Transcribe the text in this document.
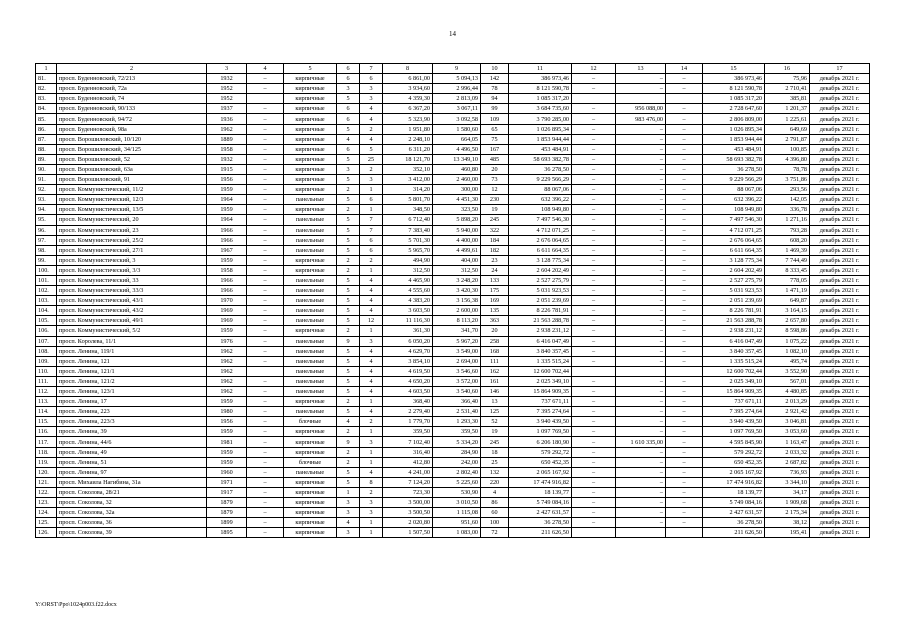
14
1	2	3	4	5	6	7	8	9	10	11	12	13	14	15	16	17
81.	просп. Буденновский, 72/213	1932	–	кирпичные	6	6	6 861,00	5 094,13	142	386 973,46	–	–	–	386 973,46	75,96	декабрь 2021 г.
82.	просп. Буденновский, 72а	1952	–	кирпичные	3	3	3 934,60	2 996,44	78	8 121 590,78	–	–	–	8 121 590,78	2 710,41	декабрь 2021 г.
83.	просп. Буденновский, 74	1952		кирпичные	5	3	4 359,30	2 813,09	94	1 085 317,20				1 085 317,20	385,81	декабрь 2021 г.
84.	просп. Буденновский, 90/133	1937	–	кирпичные	6	4	6 367,20	3 067,11	99	3 684 735,60	–	956 088,00	–	2 728 647,60	1 201,37	декабрь 2021 г.
85.	просп. Буденновский, 94/72	1936	–	кирпичные	6	4	5 323,90	3 092,58	109	3 790 285,00	–	983 476,00	–	2 806 809,00	1 225,61	декабрь 2021 г.
86.	просп. Буденновский, 98а	1962	–	кирпичные	5	2	1 951,80	1 580,60	65	1 026 895,34	–	–	–	1 026 895,34	649,69	декабрь 2021 г.
87.	просп. Ворошиловский, 10/120	1889	–	кирпичные	4	4	2 248,10	664,05	75	1 853 944,44	–	–	–	1 853 944,44	2 791,87	декабрь 2021 г.
88.	просп. Ворошиловский, 34/125	1958	–	кирпичные	6	5	6 311,20	4 496,50	167	453 484,91	–	–	–	453 484,91	100,85	декабрь 2021 г.
89.	просп. Ворошиловский, 52	1932	–	кирпичные	5	25	18 121,70	13 349,10	485	58 693 382,78	–	–	–	58 693 382,78	4 396,80	декабрь 2021 г.
90.	просп. Ворошиловский, 63а	1915	–	кирпичные	3	2	352,10	460,80	20	36 278,50	–	–	–	36 278,50	78,78	декабрь 2021 г.
91.	просп. Ворошиловский, 91	1956	–	кирпичные	5	3	3 412,00	2 460,00	73	9 229 566,29	–	–	–	9 229 566,29	3 751,86	декабрь 2021 г.
92.	просп. Коммунистический, 11/2	1959	–	кирпичные	2	1	314,20	300,00	12	88 067,06	–	–	–	88 067,06	293,56	декабрь 2021 г.
93.	просп. Коммунистический, 12/3	1964	–	панельные	5	6	5 801,70	4 451,30	230	632 396,22	–	–	–	632 396,22	142,05	декабрь 2021 г.
94.	просп. Коммунистический, 13/5	1959	–	кирпичные	2	1	348,50	323,50	19	108 949,80	–	–	–	108 949,80	336,78	декабрь 2021 г.
95.	просп. Коммунистический, 20	1964	–	панельные	5	7	6 712,40	5 898,20	245	7 497 546,30	–	–	–	7 497 546,30	1 271,16	декабрь 2021 г.
96.	просп. Коммунистический, 23	1966	–	панельные	5	7	7 383,40	5 940,00	322	4 712 071,25	–	–	–	4 712 071,25	793,28	декабрь 2021 г.
97.	просп. Коммунистический, 25/2	1966	–	панельные	5	6	5 701,30	4 400,00	184	2 676 064,65	–	–	–	2 676 064,65	608,20	декабрь 2021 г.
98.	просп. Коммунистический, 27/1	1967	–	панельные	5	6	5 965,70	4 499,61	182	6 611 664,35	–	–	–	6 611 664,35	1 469,39	декабрь 2021 г.
99.	просп. Коммунистический, 3	1959	–	кирпичные	2	2	494,90	404,00	23	3 128 775,34	–	–	–	3 128 775,34	7 744,49	декабрь 2021 г.
100.	просп. Коммунистический, 3/3	1958	–	кирпичные	2	1	312,50	312,50	24	2 604 202,49	–	–	–	2 604 202,49	8 333,45	декабрь 2021 г.
101.	просп. Коммунистический, 33	1966	–	панельные	5	4	4 465,90	3 248,20	133	2 527 275,79	–	–	–	2 527 275,79	778,05	декабрь 2021 г.
102.	просп. Коммунистический, 33/3	1966	–	панельные	5	4	4 555,60	3 420,30	175	5 031 923,53	–	–	–	5 031 923,53	1 471,19	декабрь 2021 г.
103.	просп. Коммунистический, 43/1	1970	–	панельные	5	4	4 383,20	3 156,38	169	2 051 239,69	–	–	–	2 051 239,69	649,87	декабрь 2021 г.
104.	просп. Коммунистический, 43/2	1969	–	панельные	5	4	3 603,50	2 600,00	135	8 226 781,91	–	–	–	8 226 781,91	3 164,15	декабрь 2021 г.
105.	просп. Коммунистический, 49/1	1969	–	панельные	5	12	11 116,30	8 113,20	363	21 563 288,78	–	–	–	21 563 288,78	2 657,80	декабрь 2021 г.
106.	просп. Коммунистический, 5/2	1959	–	кирпичные	2	1	361,30	341,70	20	2 938 231,12	–	–	–	2 938 231,12	8 598,86	декабрь 2021 г.
107.	просп. Королева, 11/1	1976	–	панельные	9	3	6 050,20	5 967,20	258	6 416 047,49	–	–	–	6 416 047,49	1 075,22	декабрь 2021 г.
108.	просп. Ленина, 119/1	1962	–	панельные	5	4	4 629,70	3 549,00	168	3 840 357,45	–	–	–	3 840 357,45	1 082,10	декабрь 2021 г.
109.	просп. Ленина, 121	1962	–	панельные	5	4	3 854,10	2 694,00	111	1 335 515,24	–	–	–	1 335 515,24	495,74	декабрь 2021 г.
110.	просп. Ленина, 121/1	1962		панельные	5	4	4 619,50	3 546,60	162	12 600 702,44				12 600 702,44	3 552,90	декабрь 2021 г.
111.	просп. Ленина, 121/2	1962	–	панельные	5	4	4 650,20	3 572,00	161	2 025 349,10	–	–	–	2 025 349,10	567,01	декабрь 2021 г.
112.	просп. Ленина, 123/1	1962	–	панельные	5	4	4 603,50	3 540,60	146	15 864 909,35	–	–	–	15 864 909,35	4 480,85	декабрь 2021 г.
113.	просп. Ленина, 17	1959	–	кирпичные	2	1	368,40	366,40	13	737 671,11	–	–	–	737 671,11	2 013,29	декабрь 2021 г.
114.	просп. Ленина, 223	1980	–	панельные	5	4	2 279,40	2 531,40	125	7 395 274,64	–	–	–	7 395 274,64	2 921,42	декабрь 2021 г.
115.	просп. Ленина, 223/3	1956	–	блочные	4	2	1 779,70	1 293,30	52	3 940 439,50	–	–	–	3 940 439,50	3 046,81	декабрь 2021 г.
116.	просп. Ленина, 39	1959	–	кирпичные	2	1	359,50	359,50	19	1 097 769,50	–	–	–	1 097 769,50	3 053,60	декабрь 2021 г.
117.	просп. Ленина, 44/6	1981	–	кирпичные	9	3	7 102,40	5 334,20	245	6 206 180,90	–	1 610 335,00	–	4 595 845,90	1 163,47	декабрь 2021 г.
118.	просп. Ленина, 49	1959	–	кирпичные	2	1	316,40	284,90	18	579 292,72	–	–	–	579 292,72	2 033,32	декабрь 2021 г.
119.	просп. Ленина, 51	1959	–	блочные	2	1	412,80	242,00	25	650 452,35	–	–	–	650 452,35	2 687,82	декабрь 2021 г.
120.	просп. Ленина, 97	1960	–	панельные	5	4	4 241,00	2 802,40	132	2 065 167,92	–	–	–	2 065 167,92	736,93	декабрь 2021 г.
121.	просп. Михаила Нагибина, 31а	1971	–	кирпичные	5	8	7 124,20	5 225,60	220	17 474 916,82	–	–	–	17 474 916,82	3 344,10	декабрь 2021 г.
122.	просп. Соколова, 28/21	1917	–	кирпичные	1	2	723,30	530,90	4	18 139,77	–	–	–	18 139,77	34,17	декабрь 2021 г.
123.	просп. Соколова, 32	1879	–	кирпичные	3	3	3 500,00	3 010,50	86	5 749 084,16	–	–	–	5 749 084,16	1 909,68	декабрь 2021 г.
124.	просп. Соколова, 32а	1879	–	кирпичные	3	3	3 500,50	1 115,08	60	2 427 631,57	–	–	–	2 427 631,57	2 175,34	декабрь 2021 г.
125.	просп. Соколова, 36	1899	–	кирпичные	4	1	2 020,80	951,60	100	36 278,50	–	–	–	36 278,50	38,12	декабрь 2021 г.
126.	просп. Соколова, 39	1895	–	кирпичные	3	1	1 507,50	1 083,00	72	211 626,50				211 626,50	195,41	декабрь 2021 г.
Y:\ORST\Ppo\1024p003.f22.docx
